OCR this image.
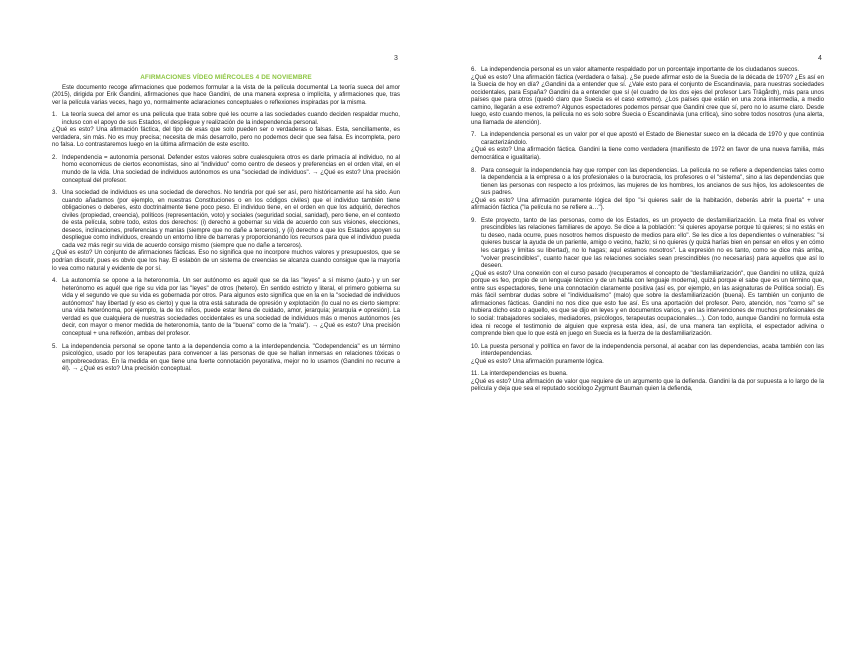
3
AFIRMACIONES VÍDEO MIÉRCOLES 4 DE NOVIEMBRE

Este documento recoge afirmaciones que podemos formular a la vista de la película documental La teoría sueca del amor (2015), dirigida por Erik Gandini, afirmaciones que hace Gandini, de una manera expresa o implícita, y afirmaciones que, tras ver la película varias veces, hago yo, normalmente aclaraciones conceptuales o reflexiones inspiradas por la misma.

1. La teoría sueca del amor es una película que trata sobre qué les ocurre a las sociedades cuando deciden respaldar mucho, incluso con el apoyo de sus Estados, el despliegue y realización de la independencia personal.

¿Qué es esto? Una afirmación fáctica, del tipo de esas que solo pueden ser o verdaderas o falsas. Esta, sencillamente, es verdadera, sin más. No es muy precisa; necesita de más desarrollo, pero no podemos decir que sea falsa. Es incompleta, pero no falsa. Lo contrastaremos luego en la última afirmación de este escrito.

2. Independencia = autonomía personal. Defender estos valores sobre cualesquiera otros es darle primacía al individuo, no al homo economicus de ciertos economistas, sino al "individuo" como centro de deseos y preferencias en el orden vital, en el mundo de la vida. Una sociedad de individuos autónomos es una "sociedad de individuos". → ¿Qué es esto? Una precisión conceptual del profesor.

3. Una sociedad de individuos es una sociedad de derechos. No tendría por qué ser así, pero históricamente así ha sido. Aun cuando añadamos (por ejemplo, en nuestras Constituciones o en los códigos civiles) que el individuo también tiene obligaciones o deberes, esto doctrinalmente tiene poco peso. El individuo tiene, en el orden en que los adquirió, derechos civiles (propiedad, creencia), políticos (representación, voto) y sociales (seguridad social, sanidad), pero tiene, en el contexto de esta película, sobre todo, estos dos derechos: (i) derecho a gobernar su vida de acuerdo con sus visiones, elecciones, deseos, inclinaciones, preferencias y manías (siempre que no dañe a terceros), y (ii) derecho a que los Estados apoyen su despliegue como individuos, creando un entorno libre de barreras y proporcionando los recursos para que el individuo pueda cada vez más regir su vida de acuerdo consigo mismo (siempre que no dañe a terceros).

¿Qué es esto? Un conjunto de afirmaciones fácticas. Eso no significa que no incorpore muchos valores y presupuestos, que se podrían discutir, pues es obvio que los hay. El eslabón de un sistema de creencias se alcanza cuando consigue que la mayoría lo vea como natural y evidente de por sí.

4. La autonomía se opone a la heteronomía. Un ser autónomo es aquél que se da las "leyes" a sí mismo (auto-) y un ser heterónomo es aquél que rige su vida por las "leyes" de otros (hetero). En sentido estricto y literal, el primero gobierna su vida y el segundo ve que su vida es gobernada por otros. Para algunos esto significa que en la en la "sociedad de individuos autónomos" hay libertad (y eso es cierto) y que la otra está saturada de opresión y explotación (lo cual no es cierto siempre: una vida heterónoma, por ejemplo, la de los niños, puede estar llena de cuidado, amor, jerarquía; jerarquía ≠ opresión). La verdad es que cualquiera de nuestras sociedades occidentales es una sociedad de individuos más o menos autónomos (es decir, con mayor o menor medida de heteronomía, tanto de la "buena" como de la "mala"). → ¿Qué es esto? Una precisión conceptual + una reflexión, ambas del profesor.

5. La independencia personal se opone tanto a la dependencia como a la interdependencia. "Codependencia" es un término psicológico, usado por los terapeutas para convencer a las personas de que se hallan inmersas en relaciones tóxicas o empobrecedoras. En la medida en que tiene una fuerte connotación peyorativa, mejor no lo usamos (Gandini no recurre a él). → ¿Qué es esto? Una precisión conceptual.

4
6. La independencia personal es un valor altamente respaldado por un porcentaje importante de los ciudadanos suecos.

¿Qué es esto? Una afirmación fáctica (verdadera o falsa). ¿Se puede afirmar esto de la Suecia de la década de 1970? ¿Es así en la Suecia de hoy en día? ¿Gandini da a entender que sí. ¿Vale esto para el conjunto de Escandinavia, para nuestras sociedades occidentales, para España? Gandini da a entender que sí (el cuadro de los dos ejes del profesor Lars Trägårdh), más para unos países que para otros (quedó claro que Suecia es el caso extremo). ¿Los países que están en una zona intermedia, a medio camino, llegarán a ese extremo? Algunos espectadores podemos pensar que Gandini cree que sí, pero no lo asume claro. Desde luego, esto cuando menos, la película no es solo sobre Suecia o Escandinavia (una crítica), sino sobre todos nosotros (una alerta, una llamada de atención).

7. La independencia personal es un valor por el que apostó el Estado de Bienestar sueco en la década de 1970 y que continúa caracterizándolo.

¿Qué es esto? Una afirmación fáctica. Gandini la tiene como verdadera (manifiesto de 1972 en favor de una nueva familia, más democrática e igualitaria).

8. Para conseguir la independencia hay que romper con las dependencias. La película no se refiere a dependencias tales como la dependencia a la empresa o a los profesionales o la burocracia, los profesores o el "sistema", sino a las dependencias que tienen las personas con respecto a los próximos, las mujeres de los hombres, los ancianos de sus hijos, los adolescentes de sus padres.

¿Qué es esto? Una afirmación puramente lógica del tipo "si quieres salir de la habitación, deberás abrir la puerta" + una afirmación fáctica ("la película no se refiere a…").

9. Este proyecto, tanto de las personas, como de los Estados, es un proyecto de desfamiliarización. La meta final es volver prescindibles las relaciones familiares de apoyo. Se dice a la población: "si quieres apoyarse porque tú quieres; si no estás en tu deseo, nada ocurre, pues nosotros hemos dispuesto de medios para ello". Se les dice a los dependientes o vulnerables: "si quieres buscar la ayuda de un pariente, amigo o vecino, hazlo; si no quieres (y quizá harías bien en pensar en ellos y en cómo les cargas y limitas su libertad), no lo hagas; aquí estamos nosotros". La expresión no es tanto, como se dice más arriba, "volver prescindibles", cuanto hacer que las relaciones sociales sean prescindibles (no necesarias) para aquellos que así lo deseen.

¿Qué es esto? Una conexión con el curso pasado (recuperamos el concepto de "desfamiliarización", que Gandini no utiliza, quizá porque es feo, propio de un lenguaje técnico y de un habla con lenguaje moderna), quizá porque el sabe que es un término que, entre sus espectadores, tiene una connotación claramente positiva (así es, por ejemplo, en las asignaturas de Política social). Es más fácil sembrar dudas sobre el "individualismo" (malo) que sobre la desfamiliarización (buena). Es también un conjunto de afirmaciones fácticas. Gandini no nos dice que esto fue así. Es una aportación del profesor. Pero, atención, nos "como sí" se hubiera dicho esto o aquello, es que se dijo en leyes y en documentos varios, y en las intervenciones de muchos profesionales de lo social: trabajadores sociales, mediadores, psicólogos, terapeutas ocupacionales…). Con todo, aunque Gandini no formula esta idea ni recoge el testimonio de alguien que expresa esta idea, así, de una manera tan explícita, el espectador adivina o comprende bien que lo que está en juego en Suecia es la fuerza de la desfamiliarización.

10. La puesta personal y política en favor de la independencia personal, al acabar con las dependencias, acaba también con las interdependencias.

¿Qué es esto? Una afirmación puramente lógica.

11. La interdependencias es buena.

¿Qué es esto? Una afirmación de valor que requiere de un argumento que la defienda. Gandini la da por supuesta a lo largo de la película y deja que sea el reputado sociólogo Zygmunt Bauman quien la defienda,
